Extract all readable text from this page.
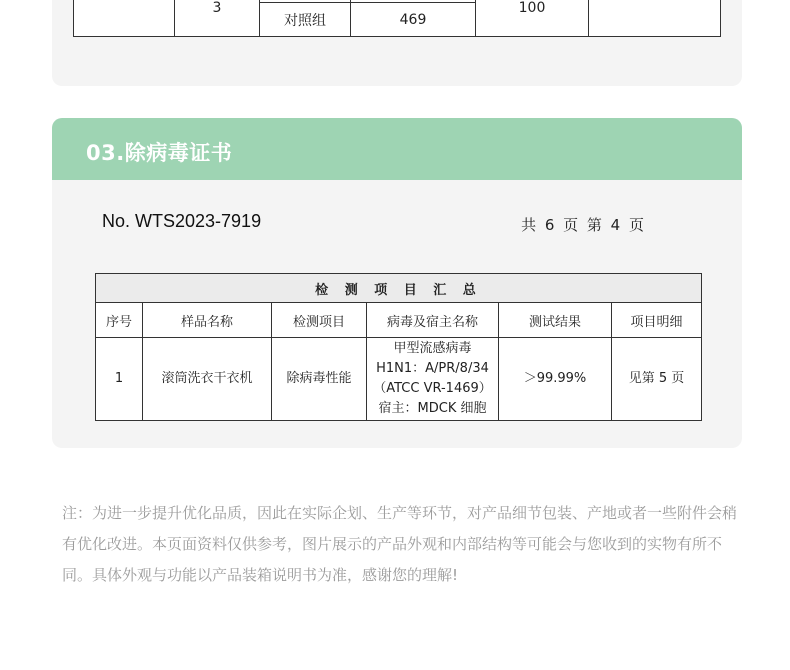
	3			100	
		对照组	469		
03.除病毒证书
No. WTS2023-7919	共 6 页 第 4 页
检 测 项 目 汇 总					
序号	样品名称	检测项目	病毒及宿主名称	测试结果	项目明细
1	滚筒洗衣干衣机	除病毒性能	甲型流感病毒
H1N1：A/PR/8/34
（ATCC VR-1469）
宿主：MDCK 细胞	＞99.99%	见第 5 页
注：为进一步提升优化品质，因此在实际企划、生产等环节，对产品细节包装、产地或者一些附件会稍有优化改进。本页面资料仅供参考，图片展示的产品外观和内部结构等可能会与您收到的实物有所不同。具体外观与功能以产品装箱说明书为准，感谢您的理解!
